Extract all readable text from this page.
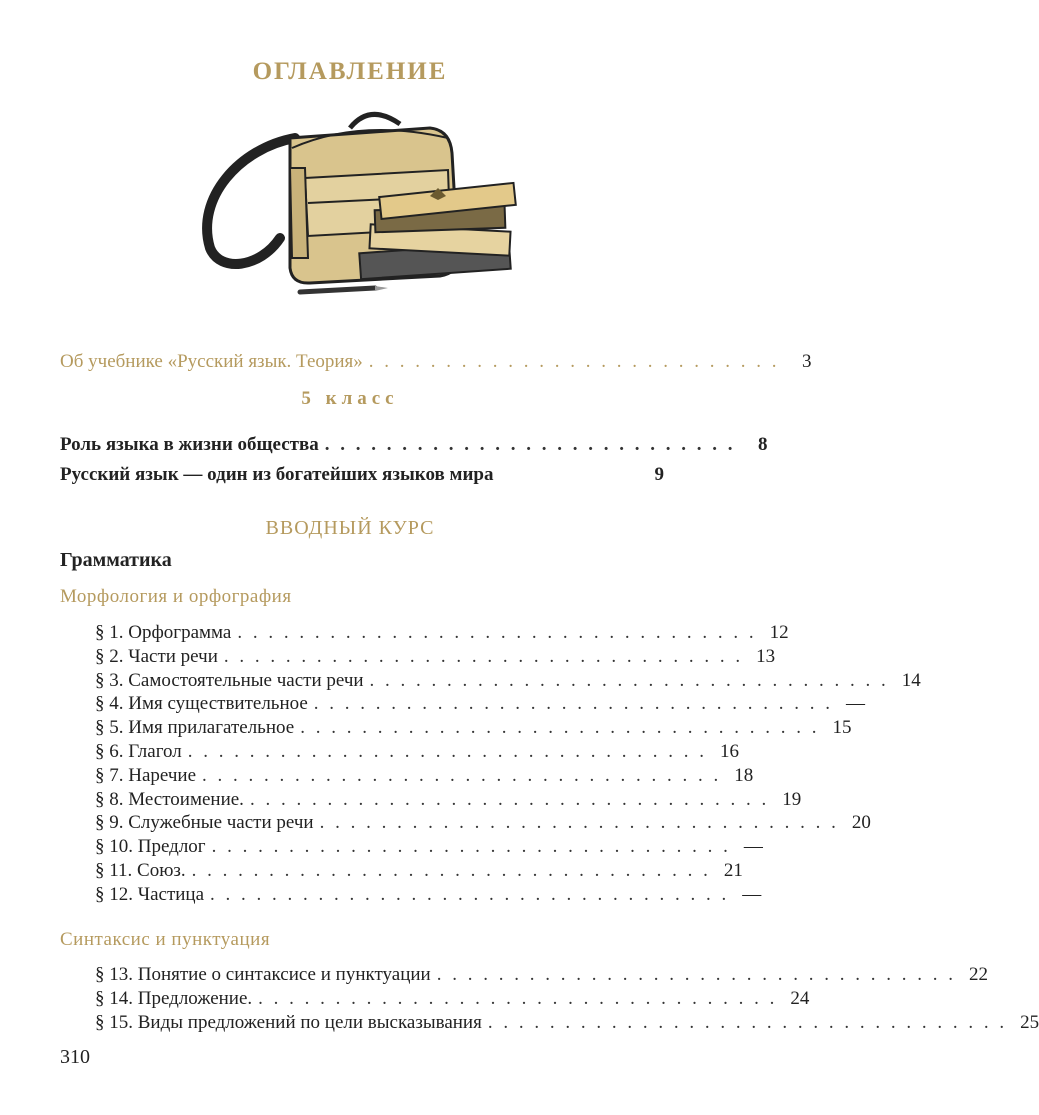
ОГЛАВЛЕНИЕ
Об учебнике «Русский язык. Теория» . . . . . . . . . . . . . . . . . . . . . . . . . . .	3
5 класс
Роль языка в жизни общества . . . . . . . . . . . . . . . . . . . . . . . . . . .	8
Русский язык — один из богатейших языков мира	9
ВВОДНЫЙ КУРС
Грамматика
Морфология и орфография
§ 1. Орфограмма . . . . . . . . . . . . . . . . . . . . . . . . . . . . . . . . . . 12
§ 2. Части речи . . . . . . . . . . . . . . . . . . . . . . . . . . . . . . . . . . 13
§ 3. Самостоятельные части речи . . . . . . . . . . . . . . . . . . . . . . . . . . . . . . . . . . 14
§ 4. Имя существительное . . . . . . . . . . . . . . . . . . . . . . . . . . . . . . . . . . —
§ 5. Имя прилагательное . . . . . . . . . . . . . . . . . . . . . . . . . . . . . . . . . . 15
§ 6. Глагол . . . . . . . . . . . . . . . . . . . . . . . . . . . . . . . . . . 16
§ 7. Наречие . . . . . . . . . . . . . . . . . . . . . . . . . . . . . . . . . . 18
§ 8. Местоимение. . . . . . . . . . . . . . . . . . . . . . . . . . . . . . . . . . . 19
§ 9. Служебные части речи . . . . . . . . . . . . . . . . . . . . . . . . . . . . . . . . . . 20
§ 10. Предлог . . . . . . . . . . . . . . . . . . . . . . . . . . . . . . . . . . —
§ 11. Союз. . . . . . . . . . . . . . . . . . . . . . . . . . . . . . . . . . . 21
§ 12. Частица . . . . . . . . . . . . . . . . . . . . . . . . . . . . . . . . . . —
Синтаксис и пунктуация
§ 13. Понятие о синтаксисе и пунктуации . . . . . . . . . . . . . . . . . . . . . . . . . . . . . . . . . . 22
§ 14. Предложение. . . . . . . . . . . . . . . . . . . . . . . . . . . . . . . . . . . 24
§ 15. Виды предложений по цели высказывания . . . . . . . . . . . . . . . . . . . . . . . . . . . . . . . . . . 25
310
